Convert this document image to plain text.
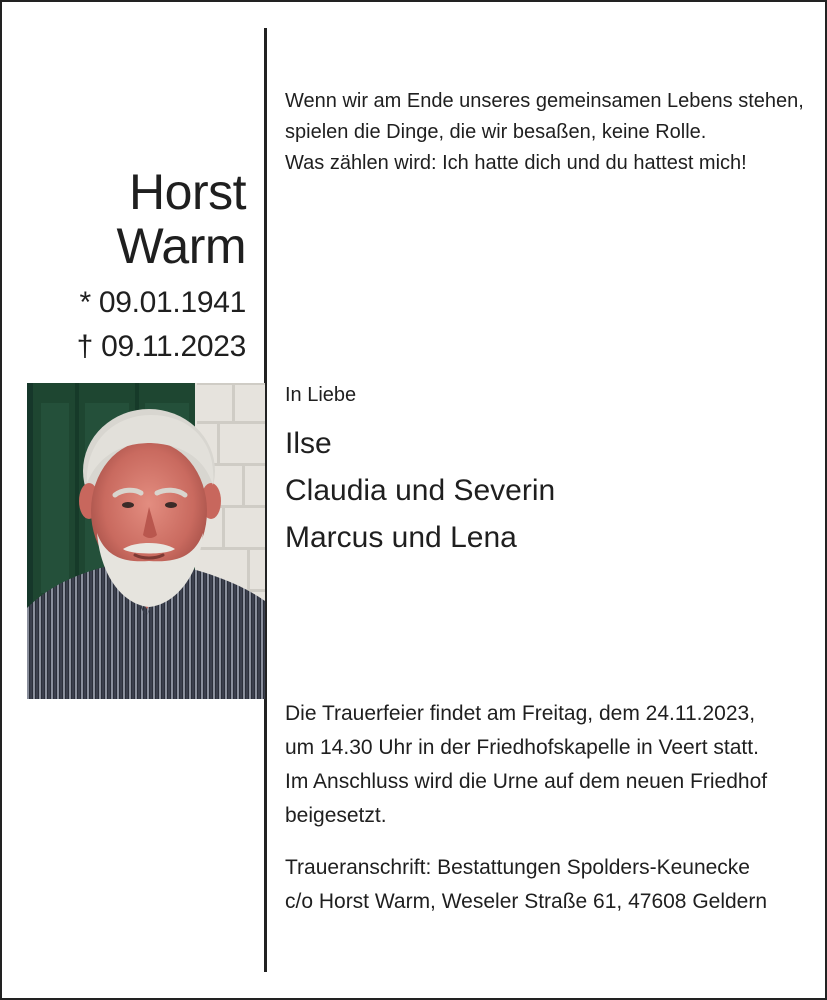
Horst
Warm
* 09.01.1941
† 09.11.2023
Wenn wir am Ende unseres gemeinsamen Lebens stehen,
spielen die Dinge, die wir besaßen, keine Rolle.
Was zählen wird: Ich hatte dich und du hattest mich!
In Liebe
Ilse
Claudia und Severin
Marcus und Lena
Die Trauerfeier findet am Freitag, dem 24.11.2023,
um 14.30 Uhr in der Friedhofskapelle in Veert statt.
Im Anschluss wird die Urne auf dem neuen Friedhof
beigesetzt.
Traueranschrift: Bestattungen Spolders-Keunecke
c/o Horst Warm, Weseler Straße 61, 47608 Geldern
